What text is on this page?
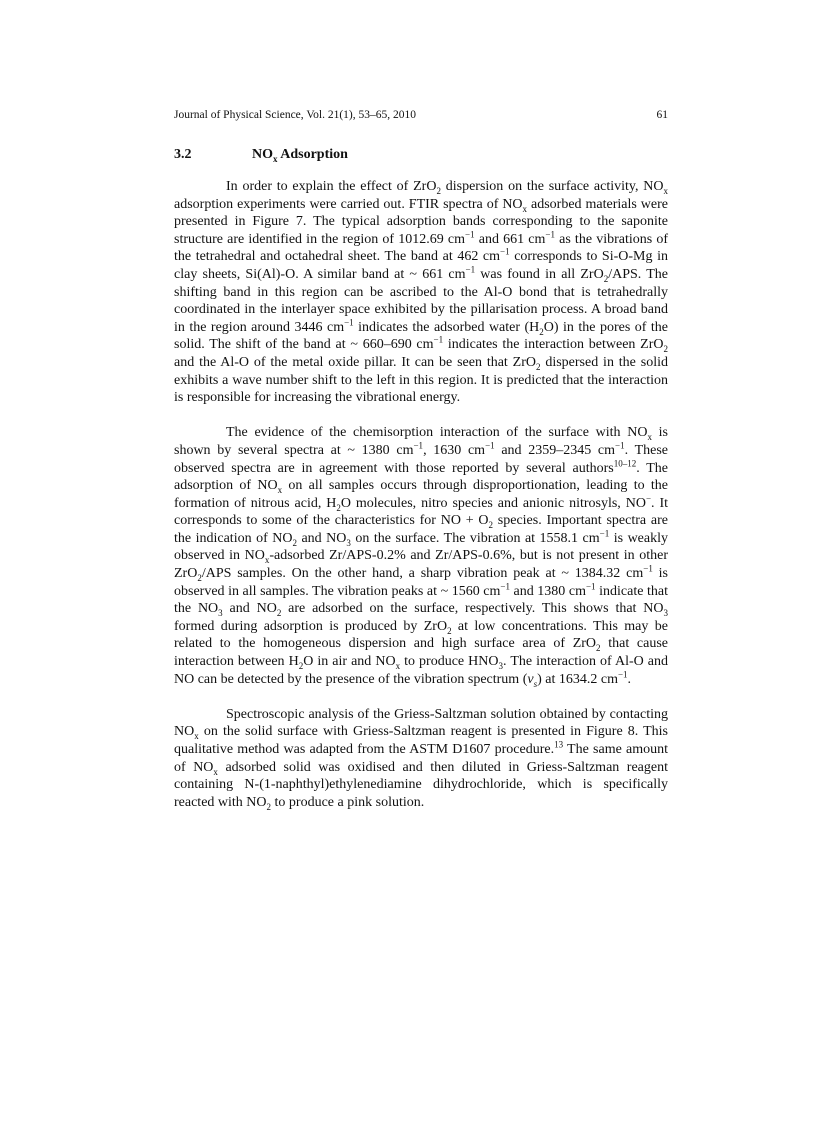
Journal of Physical Science, Vol. 21(1), 53–65, 2010	61
3.2	$NO_x$ Adsorption

In order to explain the effect of ZrO$_2$ dispersion on the surface activity, $NO_x$ adsorption experiments were carried out. FTIR spectra of $NO_x$ adsorbed materials were presented in Figure 7. The typical adsorption bands corresponding to the saponite structure are identified in the region of 1012.69 $cm^{-1}$ and 661 $cm^{-1}$ as the vibrations of the tetrahedral and octahedral sheet. The band at 462 $cm^{-1}$ corresponds to Si-O-Mg in clay sheets, Si(Al)-O. A similar band at ~ 661 $cm^{-1}$ was found in all ZrO$_2$/APS. The shifting band in this region can be ascribed to the Al-O bond that is tetrahedrally coordinated in the interlayer space exhibited by the pillarisation process. A broad band in the region around 3446 $cm^{-1}$ indicates the adsorbed water $(H_2O)$ in the pores of the solid. The shift of the band at ~ 660–690 $cm^{-1}$ indicates the interaction between ZrO$_2$ and the Al-O of the metal oxide pillar. It can be seen that ZrO$_2$ dispersed in the solid exhibits a wave number shift to the left in this region. It is predicted that the interaction is responsible for increasing the vibrational energy.

The evidence of the chemisorption interaction of the surface with $NO_x$ is shown by several spectra at ~ 1380 $cm^{-1}$, 1630 $cm^{-1}$ and 2359–2345 $cm^{-1}$. These observed spectra are in agreement with those reported by several authors$^{10-12}$. The adsorption of $NO_x$ on all samples occurs through disproportionation, leading to the formation of nitrous acid, $H_2O$ molecules, nitro species and anionic nitrosyls, NO−. It corresponds to some of the characteristics for NO + $O_2$ species. Important spectra are the indication of $NO_2$ and $NO_3$ on the surface. The vibration at 1558.1 $cm^{-1}$ is weakly observed in $NO_x$-adsorbed Zr/APS-0.2% and Zr/APS-0.6%, but is not present in other ZrO$_2$/APS samples. On the other hand, a sharp vibration peak at ~ 1384.32 $cm^{-1}$ is observed in all samples. The vibration peaks at ~ 1560 $cm^{-1}$ and 1380 $cm^{-1}$ indicate that the $NO_3$ and $NO_2$ are adsorbed on the surface, respectively. This shows that $NO_3$ formed during adsorption is produced by ZrO$_2$ at low concentrations. This may be related to the homogeneous dispersion and high surface area of ZrO$_2$ that cause interaction between $H_2O$ in air and $NO_x$ to produce $HNO_3$. The interaction of Al-O and NO can be detected by the presence of the vibration spectrum $(v_s)$ at 1634.2 $cm^{-1}$.

Spectroscopic analysis of the Griess-Saltzman solution obtained by contacting $NO_x$ on the solid surface with Griess-Saltzman reagent is presented in Figure 8. This qualitative method was adapted from the ASTM D1607 procedure.$^{13}$ The same amount of $NO_x$ adsorbed solid was oxidised and then diluted in Griess-Saltzman reagent containing N-(1-naphthyl)ethylenediamine dihydrochloride, which is specifically reacted with $NO_2$ to produce a pink solution.
